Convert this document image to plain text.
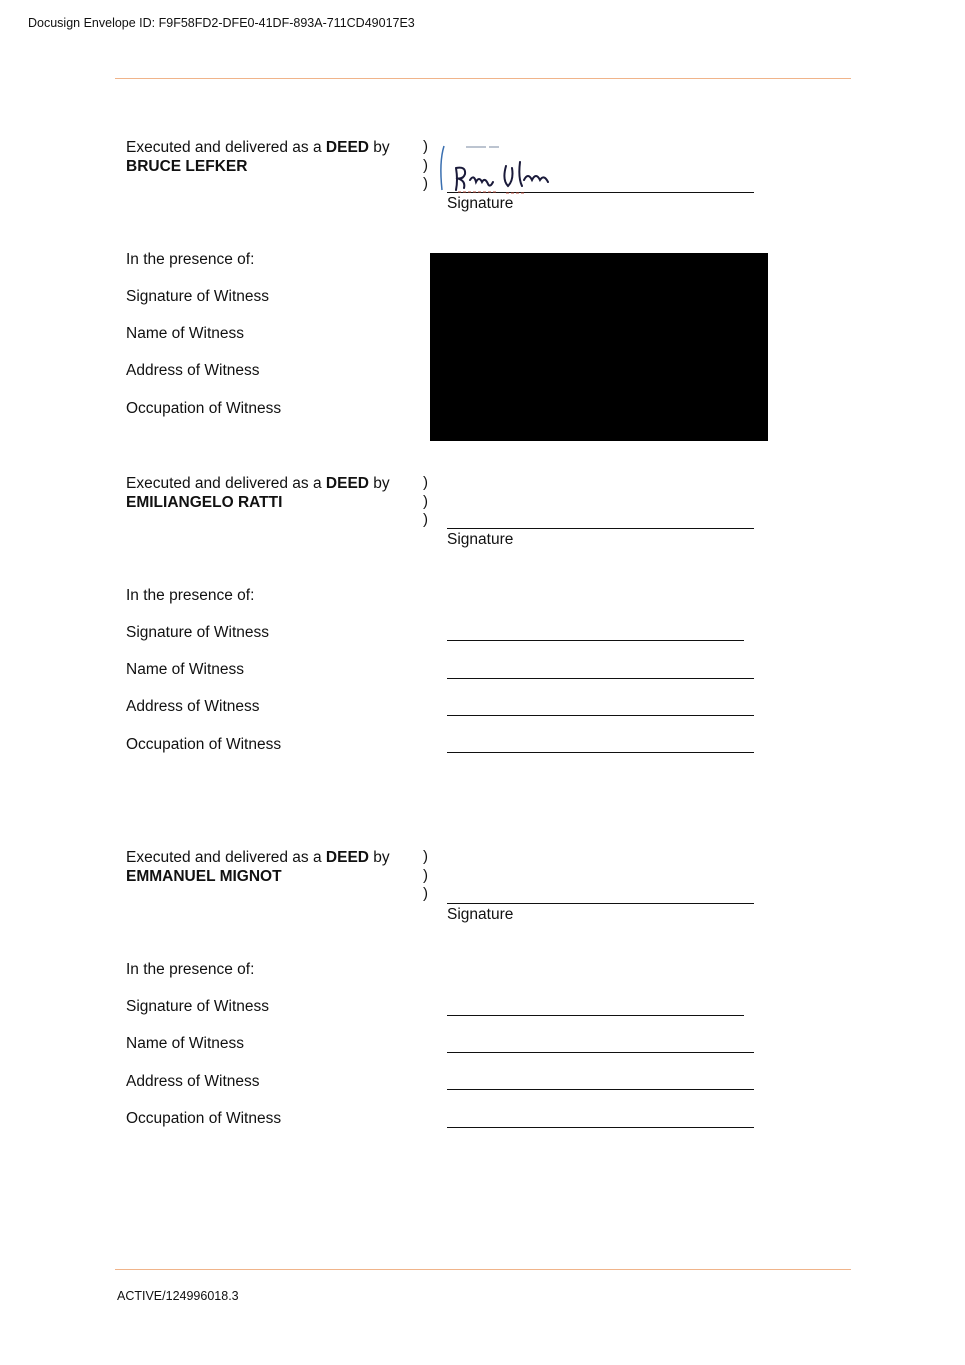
Docusign Envelope ID: F9F58FD2-DFE0-41DF-893A-711CD49017E3
Executed and delivered as a DEED by
BRUCE LEFKER
)
)
)
Signature
In the presence of:
Signature of Witness
Name of Witness
Address of Witness
Occupation of Witness
Executed and delivered as a DEED by
EMILIANGELO RATTI
)
)
)
Signature
In the presence of:
Signature of Witness
Name of Witness
Address of Witness
Occupation of Witness
Executed and delivered as a DEED by
EMMANUEL MIGNOT
)
)
)
Signature
In the presence of:
Signature of Witness
Name of Witness
Address of Witness
Occupation of Witness
ACTIVE/124996018.3
